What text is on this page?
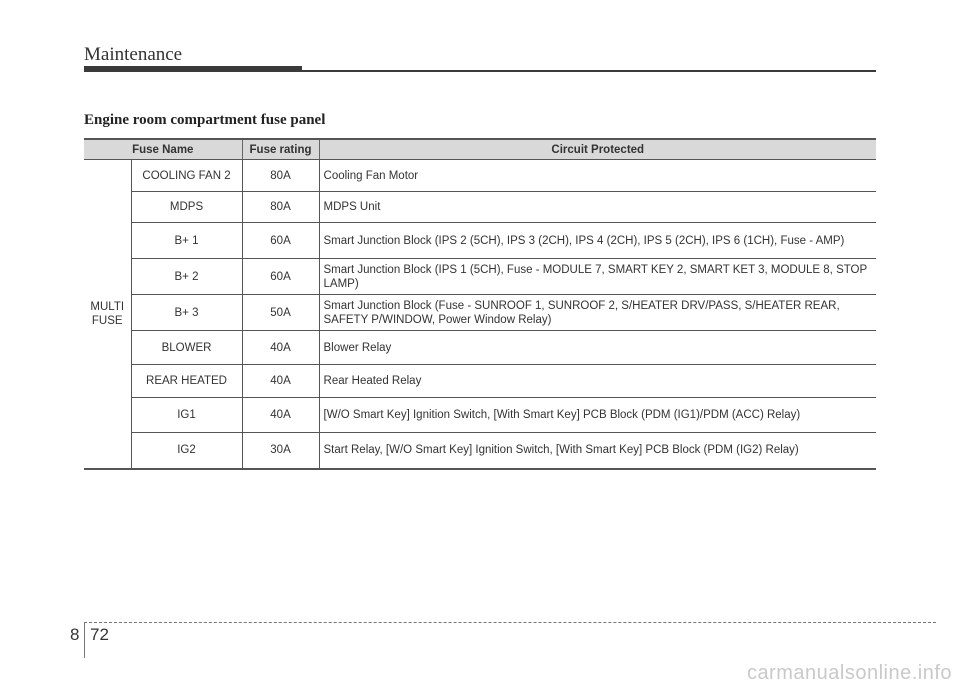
Maintenance
Engine room compartment fuse panel
Fuse Name		Fuse rating	Circuit Protected
MULTI FUSE	COOLING FAN 2	80A	Cooling Fan Motor
	MDPS	80A	MDPS Unit
	B+ 1	60A	Smart Junction Block (IPS 2 (5CH), IPS 3 (2CH), IPS 4 (2CH), IPS 5 (2CH), IPS 6 (1CH), Fuse - AMP)
	B+ 2	60A	Smart Junction Block (IPS 1 (5CH), Fuse - MODULE 7, SMART KEY 2, SMART KET 3, MODULE 8, STOP LAMP)
	B+ 3	50A	Smart Junction Block (Fuse - SUNROOF 1, SUNROOF 2, S/HEATER DRV/PASS, S/HEATER REAR, SAFETY P/WINDOW, Power Window Relay)
	BLOWER	40A	Blower Relay
	REAR HEATED	40A	Rear Heated Relay
	IG1	40A	[W/O Smart Key] Ignition Switch, [With Smart Key] PCB Block (PDM (IG1)/PDM (ACC) Relay)
	IG2	30A	Start Relay, [W/O Smart Key] Ignition Switch, [With Smart Key] PCB Block (PDM (IG2) Relay)
8 72
carmanualsonline.info
